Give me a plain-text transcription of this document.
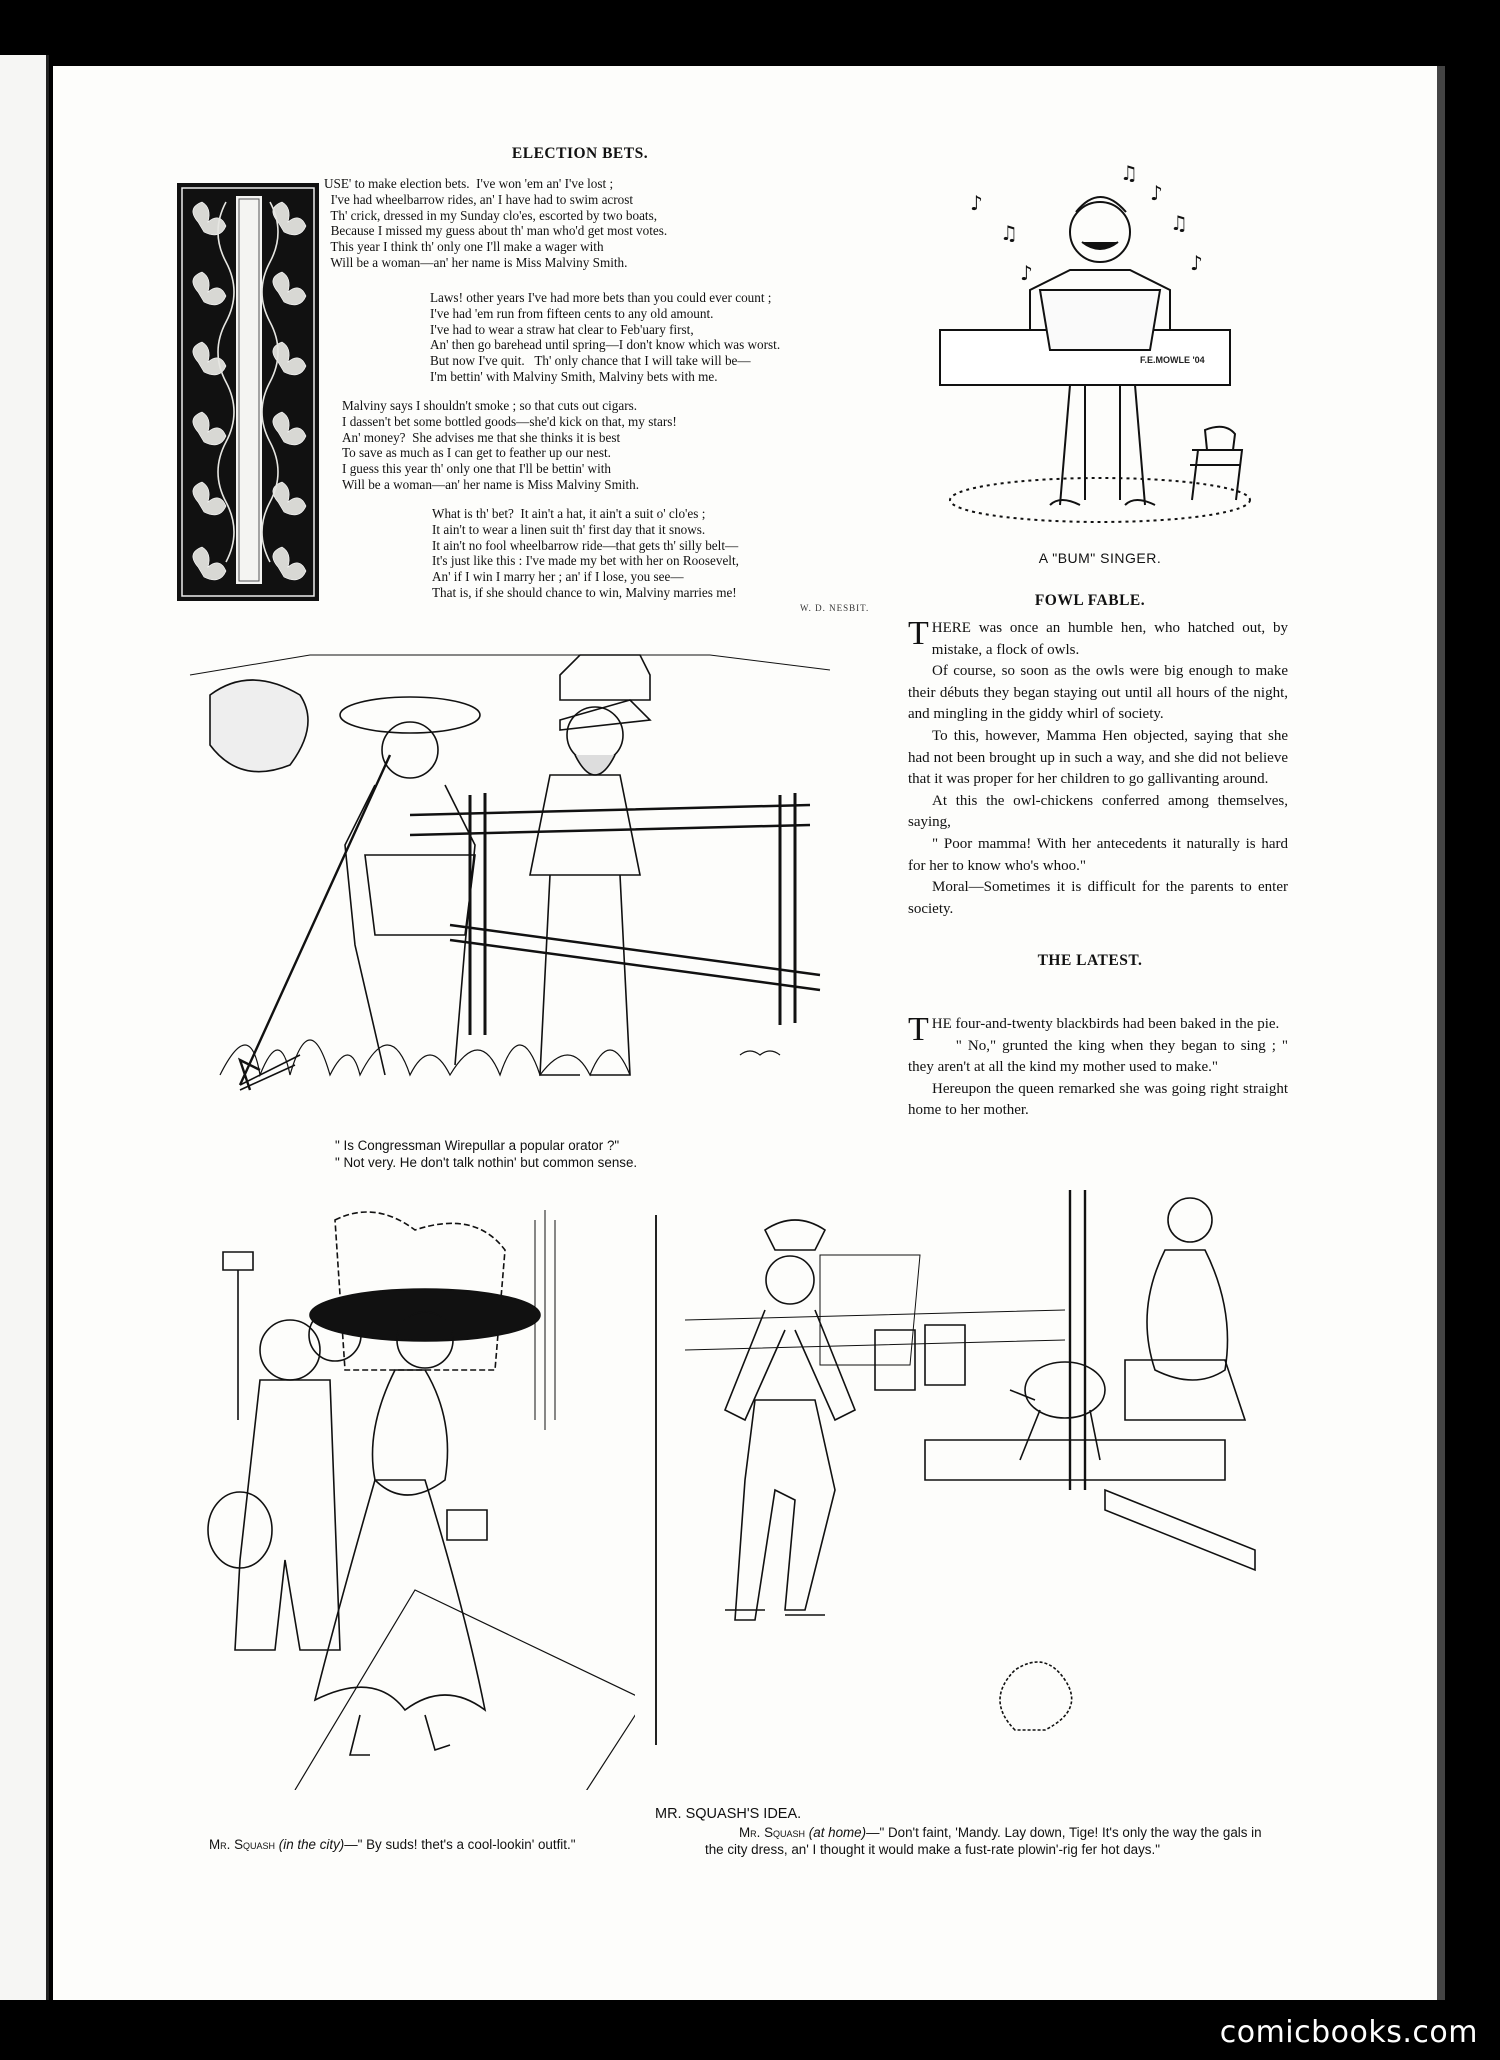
ELECTION BETS.
USE' to make election bets.  I've won 'em an' I've lost ;
I've had wheelbarrow rides, an' I have had to swim acrost
Th' crick, dressed in my Sunday clo'es, escorted by two boats,
Because I missed my guess about th' man who'd get most votes.
This year I think th' only one I'll make a wager with
Will be a woman—an' her name is Miss Malviny Smith.
Laws! other years I've had more bets than you could ever count ;
I've had 'em run from fifteen cents to any old amount.
I've had to wear a straw hat clear to Feb'uary first,
An' then go barehead until spring—I don't know which was worst.
But now I've quit.   Th' only chance that I will take will be—
I'm bettin' with Malviny Smith, Malviny bets with me.
Malviny says I shouldn't smoke ; so that cuts out cigars.
I dassen't bet some bottled goods—she'd kick on that, my stars!
An' money?  She advises me that she thinks it is best
To save as much as I can get to feather up our nest.
I guess this year th' only one that I'll be bettin' with
Will be a woman—an' her name is Miss Malviny Smith.
What is th' bet?  It ain't a hat, it ain't a suit o' clo'es ;
It ain't to wear a linen suit th' first day that it snows.
It ain't no fool wheelbarrow ride—that gets th' silly belt—
It's just like this : I've made my bet with her on Roosevelt,
An' if I win I marry her ; an' if I lose, you see—
That is, if she should chance to win, Malviny marries me!
W. D. NESBIT.
♪
♫
♪
♫
♪
♪
♫
F.E.MOWLE '04
A "BUM" SINGER.
FOWL FABLE.

THERE was once an humble hen, who hatched out, by mistake, a flock of owls.

Of course, so soon as the owls were big enough to make their débuts they began staying out until all hours of the night, and mingling in the giddy whirl of society.

To this, however, Mamma Hen objected, saying that she had not been brought up in such a way, and she did not believe that it was proper for her children to go gallivanting around.

At this the owl-chickens conferred among themselves, saying,

" Poor mamma! With her antecedents it naturally is hard for her to know who's whoo."

Moral—Sometimes it is difficult for the parents to enter society.

THE LATEST.

THE four-and-twenty blackbirds had been baked in the pie.

" No," grunted the king when they began to sing ; " they aren't at all the kind my mother used to make."

Hereupon the queen remarked she was going right straight home to her mother.

" Is Congressman Wirepullar a popular orator ?"
" Not very. He don't talk nothin' but common sense.
MR. SQUASH'S IDEA.
Mr. Squash (in the city)—" By suds! thet's a cool-lookin' outfit."
Mr. Squash (at home)—" Don't faint, 'Mandy. Lay down, Tige! It's only the way the gals in the city dress, an' I thought it would make a fust-rate plowin'-rig fer hot days."
comicbooks.com
